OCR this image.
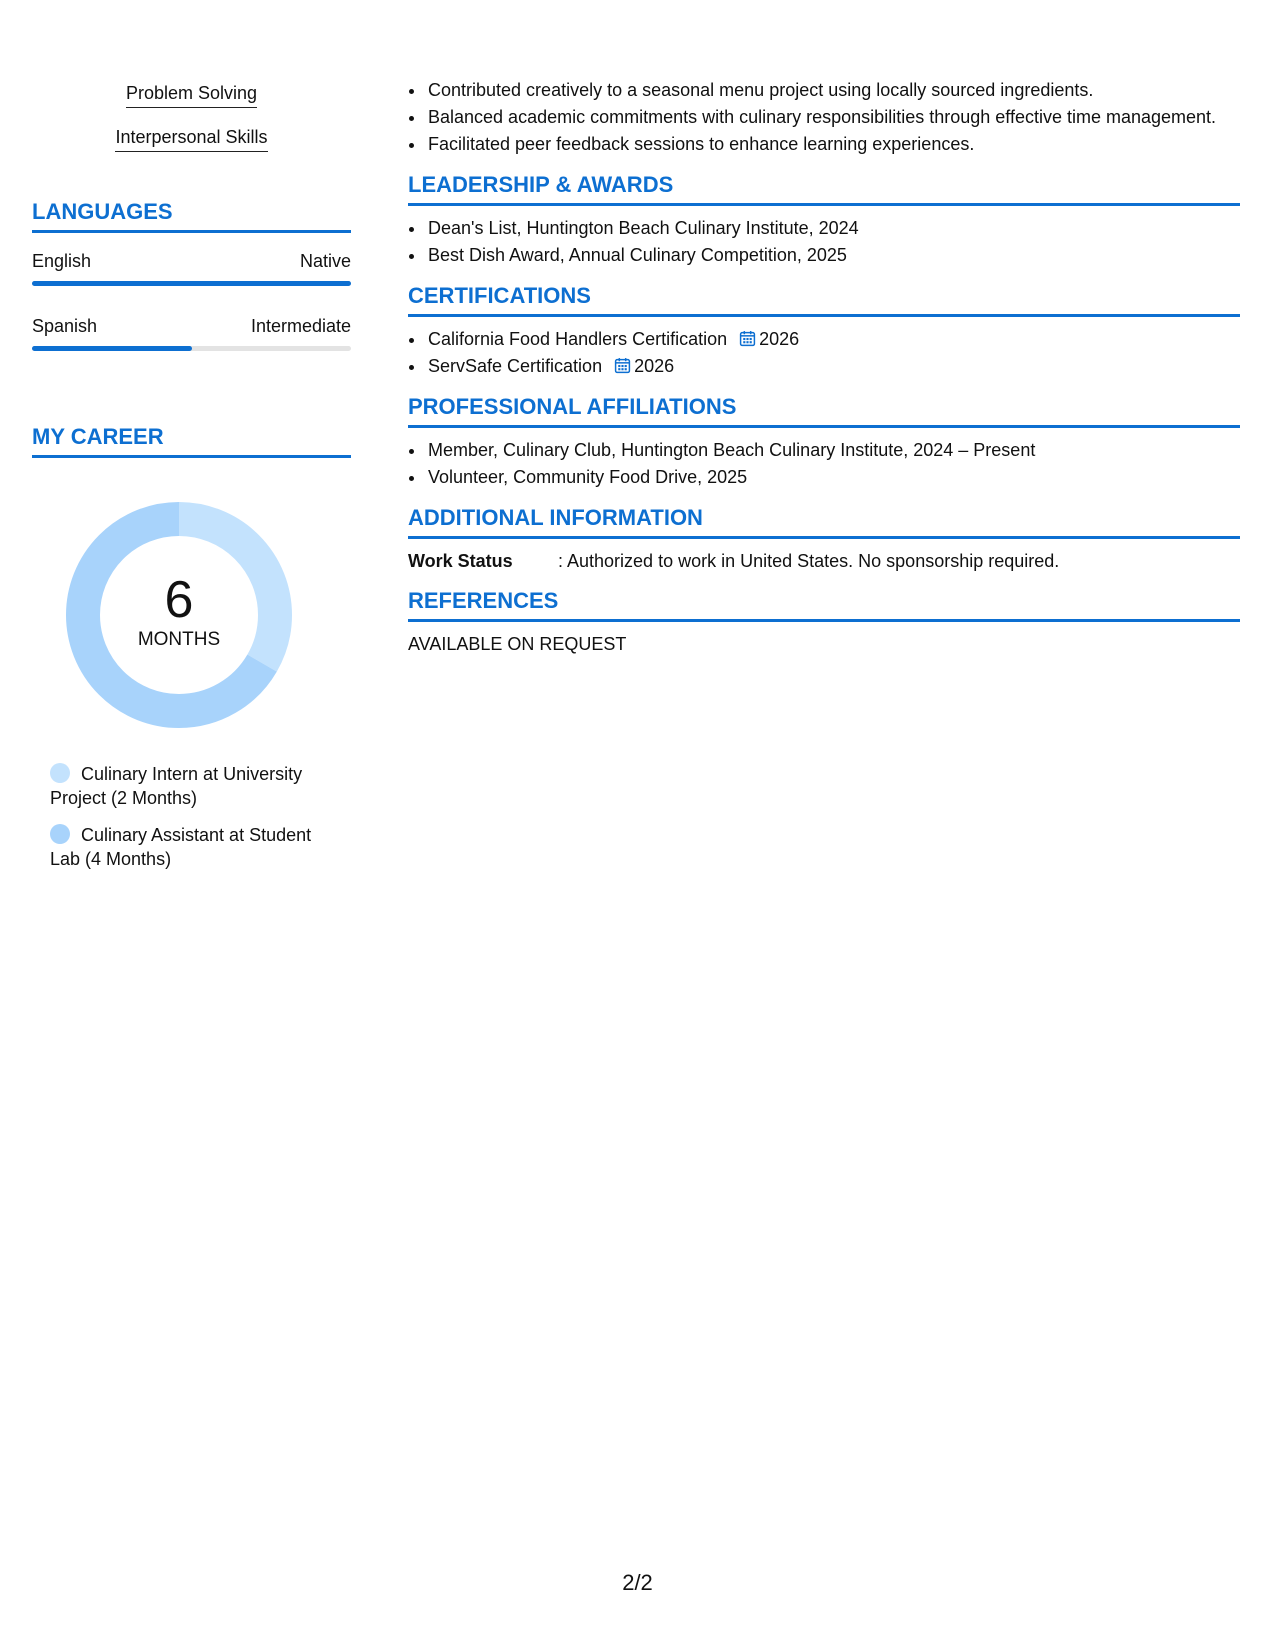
Problem Solving
Interpersonal Skills
LANGUAGES
English	Native
Spanish	Intermediate
MY CAREER
6
MONTHS
Culinary Intern at University Project (2 Months)
Culinary Assistant at Student Lab (4 Months)
• Contributed creatively to a seasonal menu project using locally sourced ingredients.
• Balanced academic commitments with culinary responsibilities through effective time management.
• Facilitated peer feedback sessions to enhance learning experiences.
LEADERSHIP & AWARDS
• Dean's List, Huntington Beach Culinary Institute, 2024
• Best Dish Award, Annual Culinary Competition, 2025
CERTIFICATIONS
• California Food Handlers Certification 2026
• ServSafe Certification 2026
PROFESSIONAL AFFILIATIONS
• Member, Culinary Club, Huntington Beach Culinary Institute, 2024 – Present
• Volunteer, Community Food Drive, 2025
ADDITIONAL INFORMATION
Work Status	: Authorized to work in United States. No sponsorship required.
REFERENCES
AVAILABLE ON REQUEST
2/2
